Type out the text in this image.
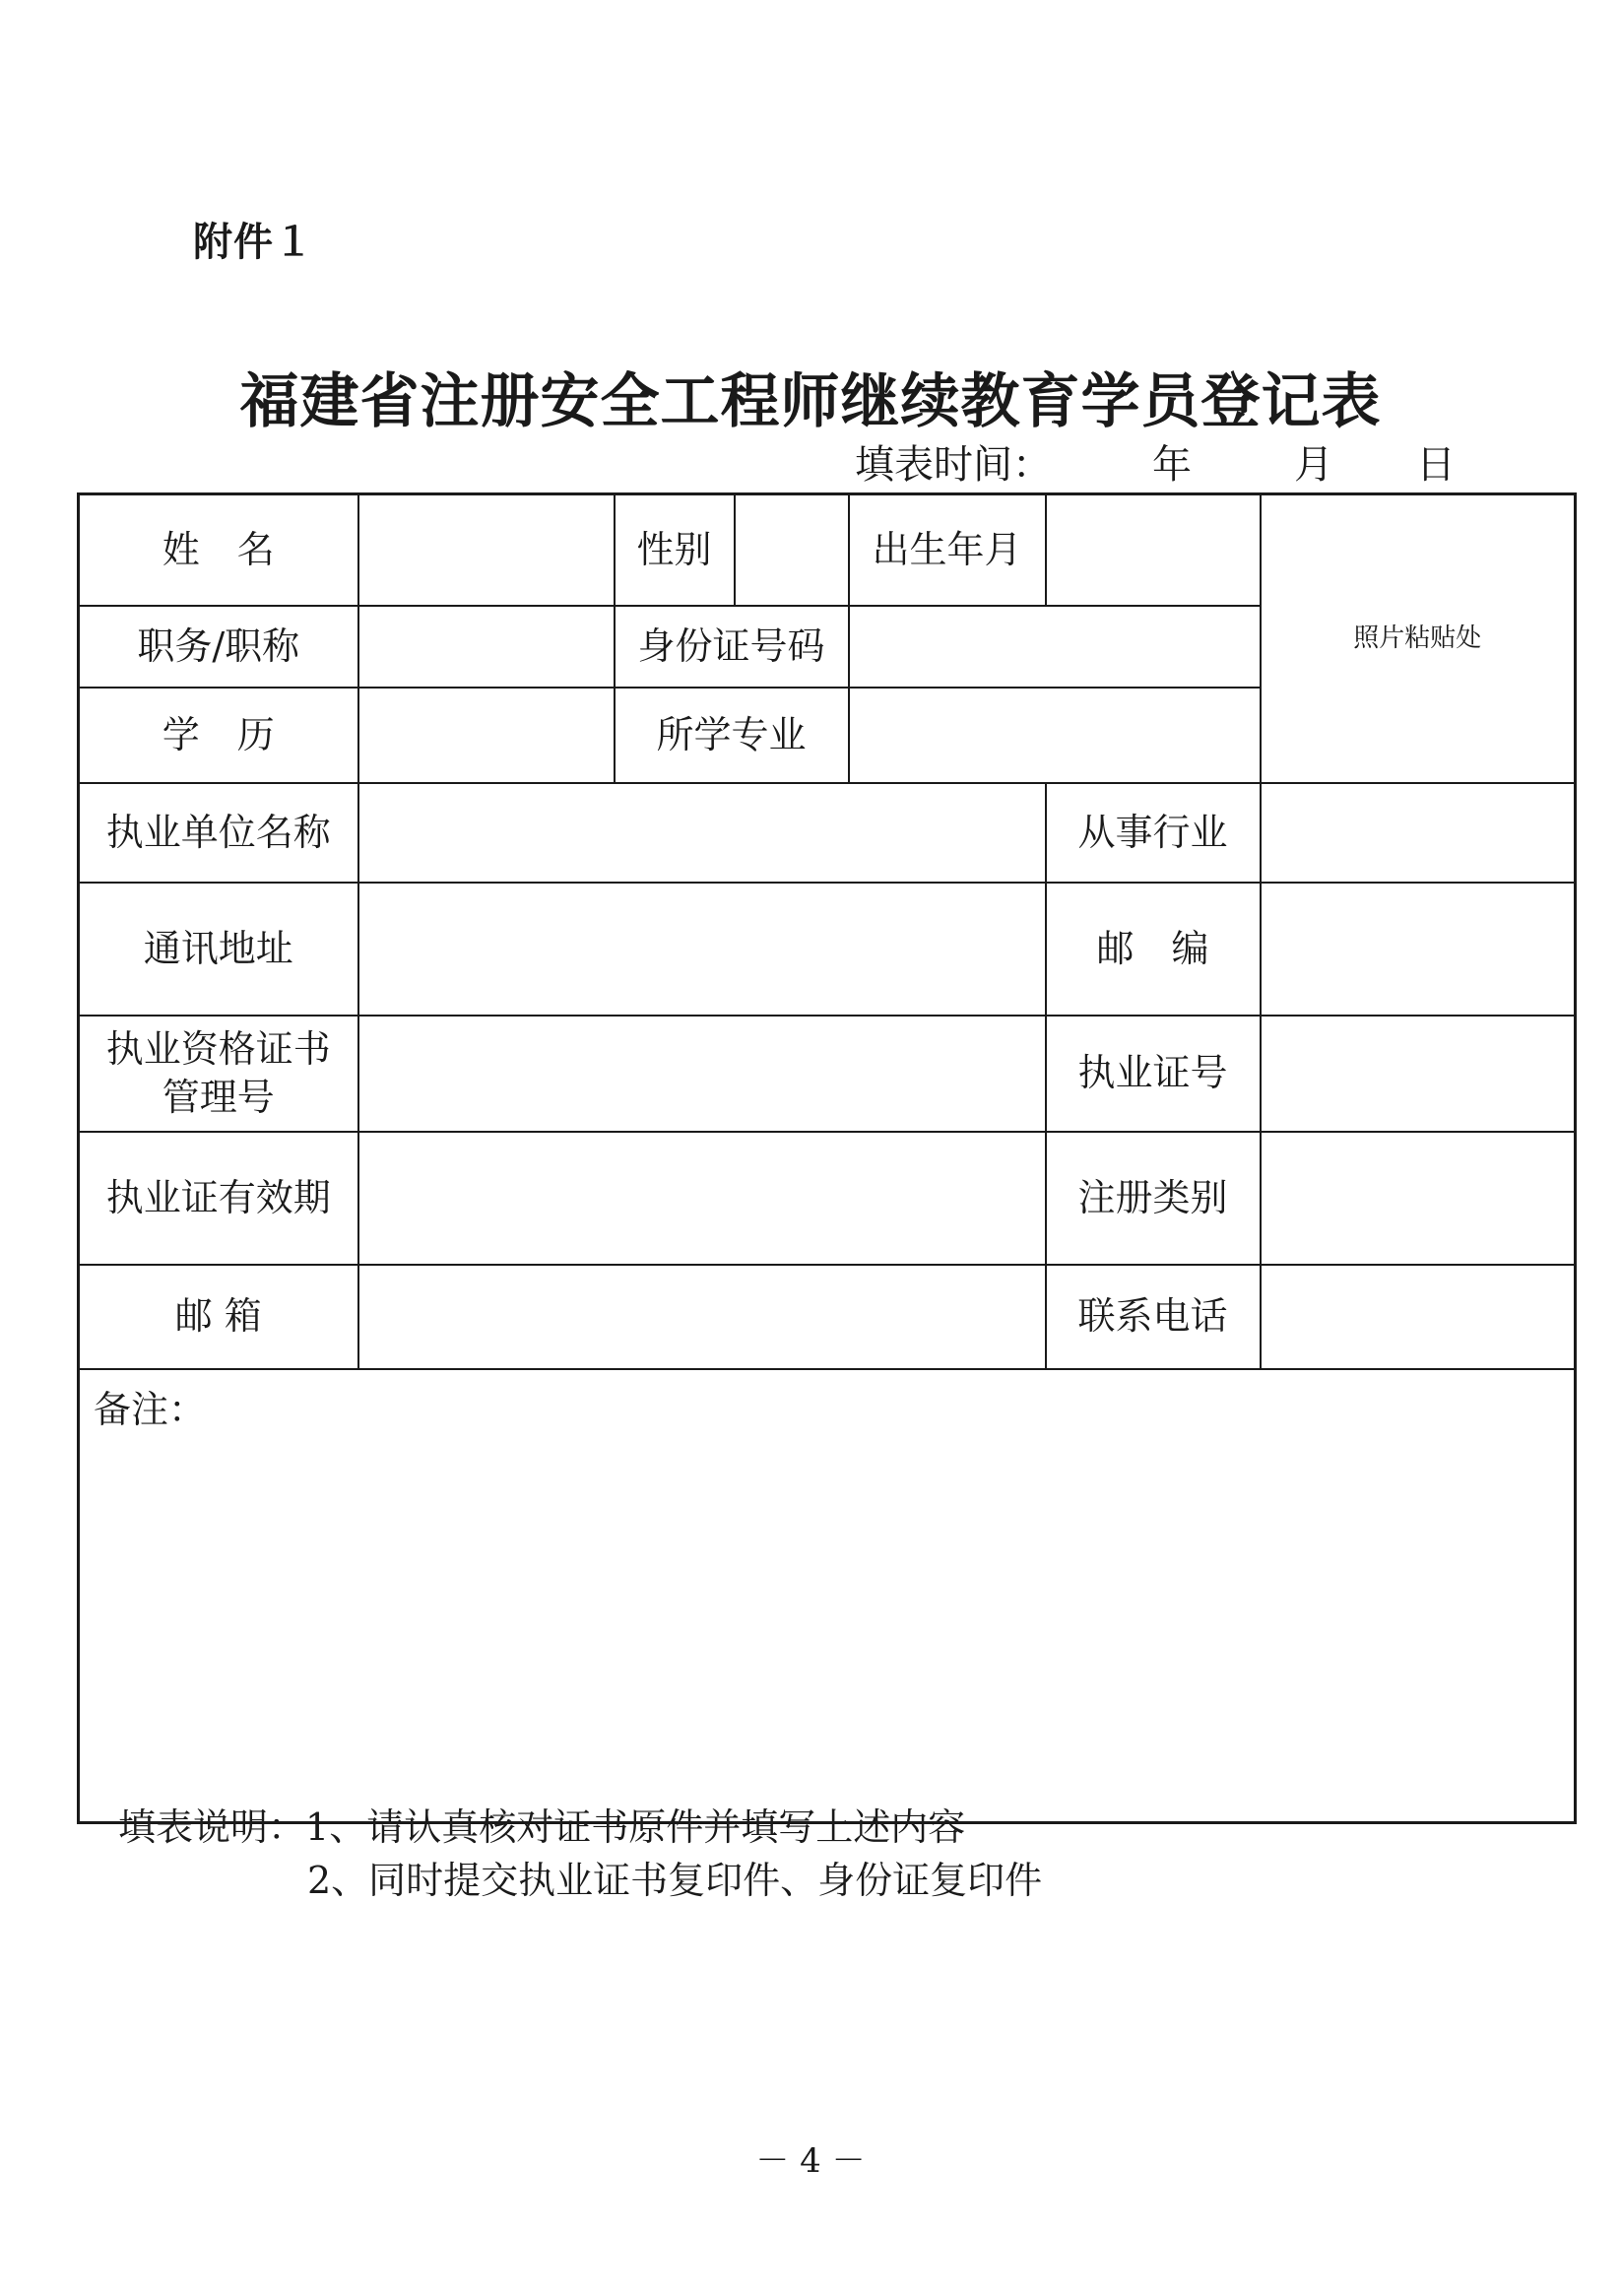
附件１
福建省注册安全工程师继续教育学员登记表
填表时间：	年	月 日
姓　名		性别		出生年月		照片粘贴处
职务/职称		身份证号码				
学　历		所学专业				
执业单位名称					从事行业	
通讯地址					邮　编	

执业资格证书
管理号					执业证号	
执业证有效期					注册类别	
邮 箱					联系电话	
备注：						
填表说明：1、请认真核对证书原件并填写上述内容
2、同时提交执业证书复印件、身份证复印件
－ 4 －
